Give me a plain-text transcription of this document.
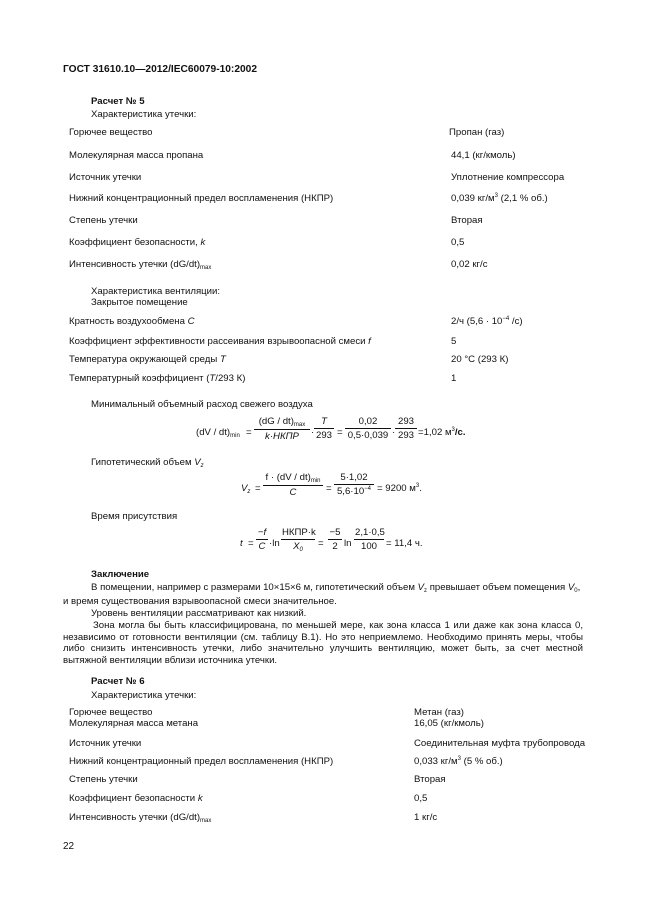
ГОСТ 31610.10—2012/IEC60079-10:2002
Расчет № 5
Характеристика утечки:
Горючее вещество	Пропан (газ)
Молекулярная масса пропана	44,1 (кг/кмоль)
Источник утечки	Уплотнение компрессора
Нижний концентрационный предел воспламенения (НКПР)	0,039 $кг/м^3$ (2,1 % об.)
Степень утечки	Вторая
Коэффициент безопасности, k	0,5
Интенсивность утечки $(dG/dt)_{max}$	0,02 кг/с
Характеристика вентиляции:
Закрытое помещение
Кратность воздухообмена C	2/ч ($5,6 \cdot 10^{-4}$ /с)
Коэффициент эффективности рассеивания взрывоопасной смеси f	5
Температура окружающей среды T	20 °С (293 К)
Температурный коэффициент (T/293 К)	1
Минимальный объемный расход свежего воздуха
$(dV / dt)_{min}$ =
$(dG / dt)_{max}$
k·НКПР	· $\frac{T}{293} = \frac{0,02}{0,5\cdot 0,039} \cdot \frac{293}{293} =1,02$ $м^3/c$.
Гипотетический объем $V_z$
$V_z$ =
$f \cdot (dV / dt)_{min}$
C	= $\frac{5\cdot 1,02}{5,6\cdot 10^{-4}} = 9200$ $м^3$.
Время присутствия
$t = \frac{-f}{C} \cdot\ln$
НКПР·k
$X_0$
= $\frac{-5}{2}$ $\ln \frac{2,1\cdot 0,5}{100} = 11,4$ ч.
Заключение
В помещении, например с размерами 10×15×6 м, гипотетический объем $V_z$ превышает объем помещения $V_0$,
и время существования взрывоопасной смеси значительное.
Уровень вентиляции рассматривают как низкий.
Зона могла бы быть классифицирована, по меньшей мере, как зона класса 1 или даже как зона класса 0, независимо от готовности вентиляции (см. таблицу В.1). Но это неприемлемо. Необходимо принять меры, чтобы либо снизить интенсивность утечки, либо значительно улучшить вентиляцию, может быть, за счет местной вытяжной вентиляции вблизи источника утечки.
Расчет № 6
Характеристика утечки:
Горючее вещество	Метан (газ)
Молекулярная масса метана	16,05 (кг/кмоль)
Источник утечки	Соединительная муфта трубопровода
Нижний концентрационный предел воспламенения (НКПР)	0,033 $кг/м^3$ (5 % об.)
Степень утечки	Вторая
Коэффициент безопасности k	0,5
Интенсивность утечки $(dG/dt)_{max}$	1 кг/с
22
